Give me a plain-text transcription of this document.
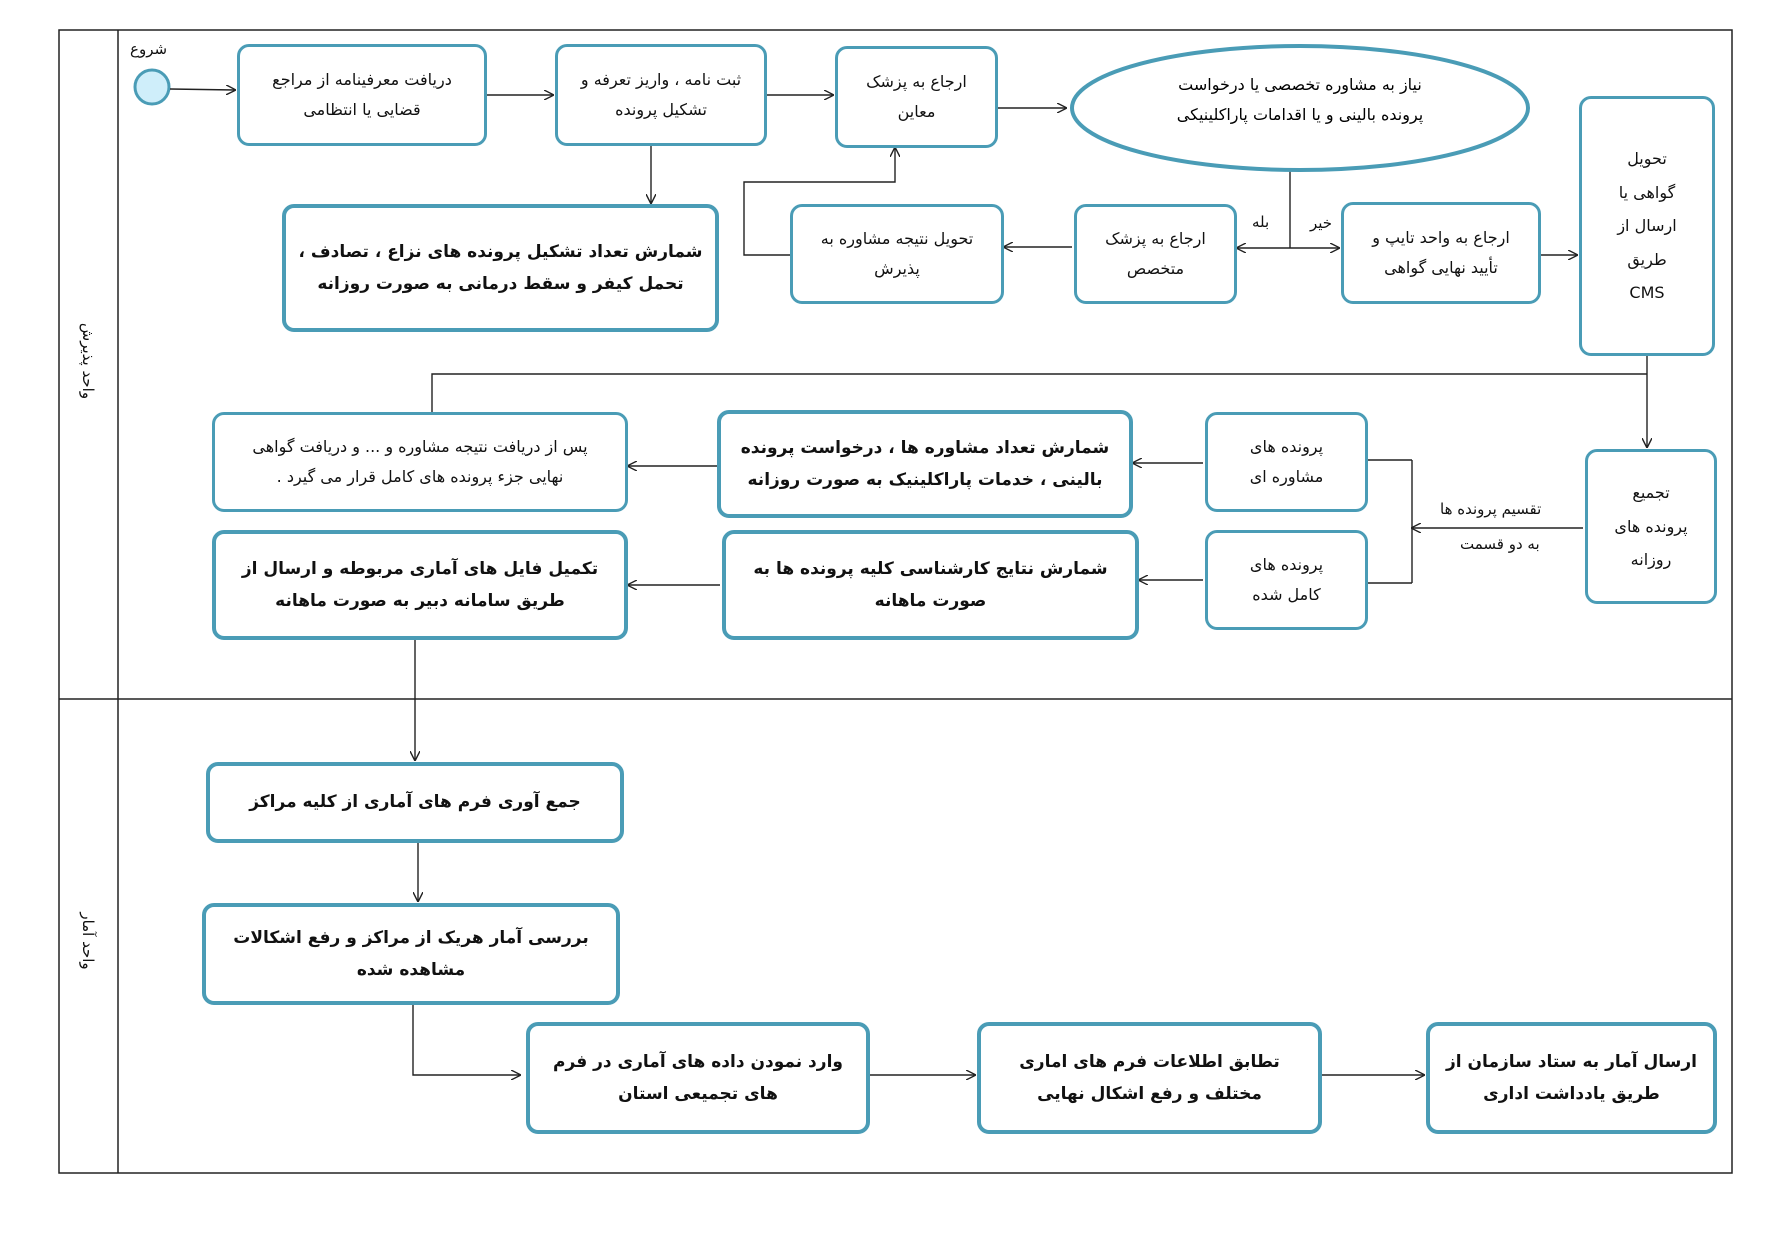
واحد پذیرش
واحد آمار
شروع
بله	خیر
تقسیم پرونده ها
به دو قسمت
نیاز به مشاوره تخصصی یا درخواست
پرونده بالینی و یا اقدامات پاراکلینیکی
دریافت معرفینامه از مراجع
قضایی یا انتظامی
ثبت نامه ، واریز تعرفه و
تشکیل پرونده
ارجاع به پزشک
معاین
تحویل
گواهی یا
ارسال از
طریق
CMS
شمارش تعداد تشکیل پرونده های نزاع ، تصادف ،
تحمل کیفر و سقط درمانی به صورت روزانه
تحویل نتیجه مشاوره به
پذیرش
ارجاع به پزشک
متخصص
ارجاع به واحد تایپ و
تأیید نهایی گواهی
پس از دریافت نتیجه مشاوره و ... و دریافت گواهی
نهایی جزء پرونده های کامل قرار می گیرد .
شمارش تعداد مشاوره ها ، درخواست پرونده
بالینی ، خدمات پاراکلینیک به صورت روزانه
پرونده های
مشاوره ای
تجمیع
پرونده های
روزانه
تکمیل فایل های آماری مربوطه و ارسال از
طریق سامانه دبیر به صورت ماهانه
شمارش نتایج کارشناسی کلیه پرونده ها به
صورت ماهانه
پرونده های
کامل شده
جمع آوری فرم های آماری از کلیه مراکز
بررسی آمار هریک از مراکز و رفع اشکالات
مشاهده شده
وارد نمودن داده های آماری در فرم
های تجمیعی استان
تطابق اطلاعات فرم های اماری
مختلف و رفع اشکال نهایی
ارسال آمار به ستاد سازمان از
طریق یادداشت اداری
